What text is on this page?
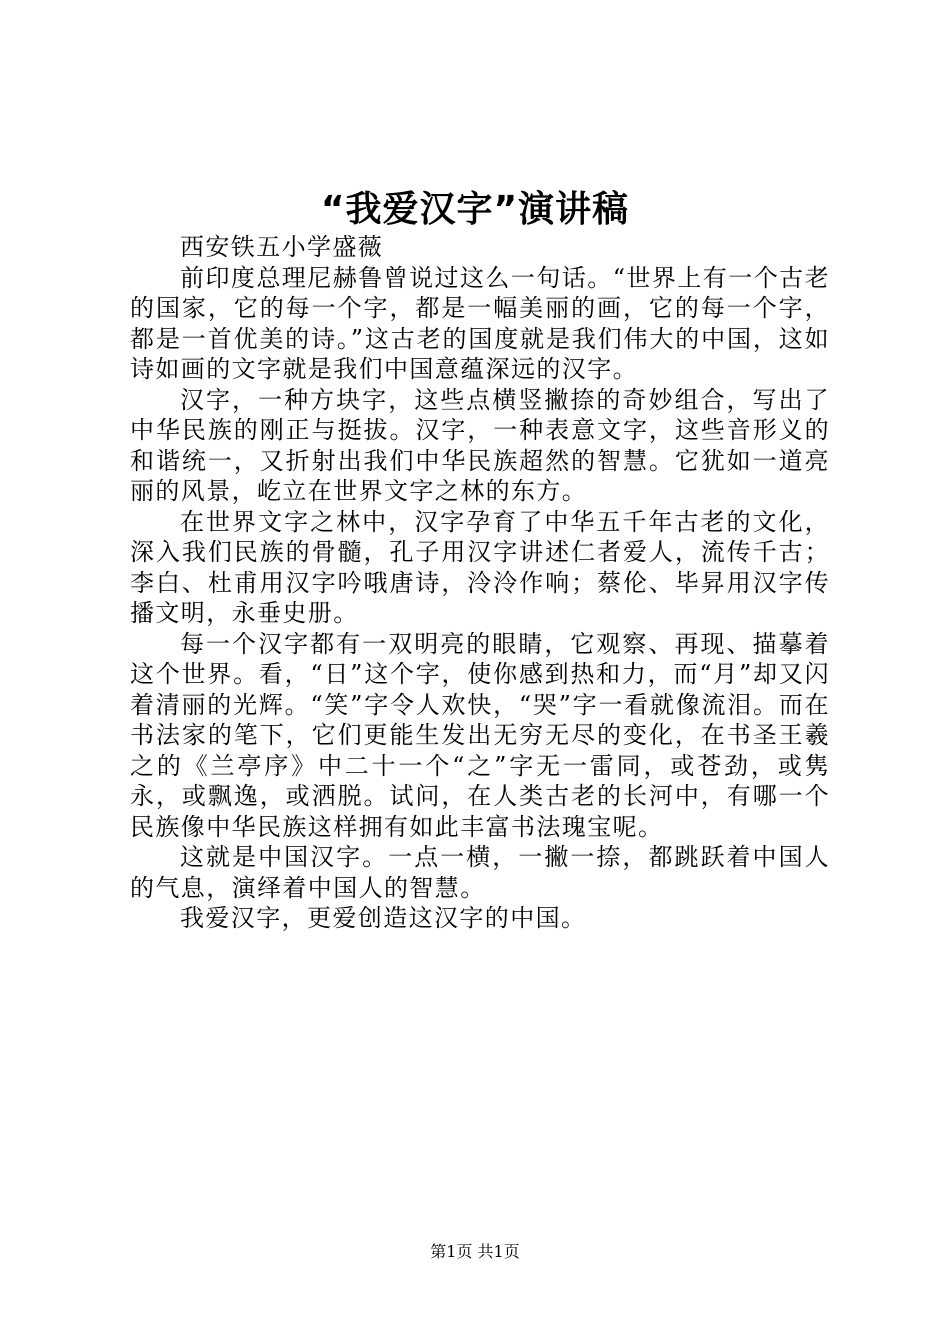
“我爱汉字”演讲稿

西安铁五小学盛薇

前印度总理尼赫鲁曾说过这么一句话。“世界上有一个古老的国家，它的每一个字，都是一幅美丽的画，它的每一个字，都是一首优美的诗。”这古老的国度就是我们伟大的中国，这如诗如画的文字就是我们中国意蕴深远的汉字。

汉字，一种方块字，这些点横竖撇捺的奇妙组合，写出了中华民族的刚正与挺拔。汉字，一种表意文字，这些音形义的和谐统一，又折射出我们中华民族超然的智慧。它犹如一道亮丽的风景，屹立在世界文字之林的东方。

在世界文字之林中，汉字孕育了中华五千年古老的文化，深入我们民族的骨髓，孔子用汉字讲述仁者爱人，流传千古；李白、杜甫用汉字吟哦唐诗，泠泠作响；蔡伦、毕昇用汉字传播文明，永垂史册。

每一个汉字都有一双明亮的眼睛，它观察、再现、描摹着这个世界。看，“日”这个字，使你感到热和力，而“月”却又闪着清丽的光辉。“笑”字令人欢快，“哭”字一看就像流泪。而在书法家的笔下，它们更能生发出无穷无尽的变化，在书圣王羲之的《兰亭序》中二十一个“之”字无一雷同，或苍劲，或隽永，或飘逸，或洒脱。试问，在人类古老的长河中，有哪一个民族像中华民族这样拥有如此丰富书法瑰宝呢。

这就是中国汉字。一点一横，一撇一捺，都跳跃着中国人的气息，演绎着中国人的智慧。

我爱汉字，更爱创造这汉字的中国。

第1页 共1页
